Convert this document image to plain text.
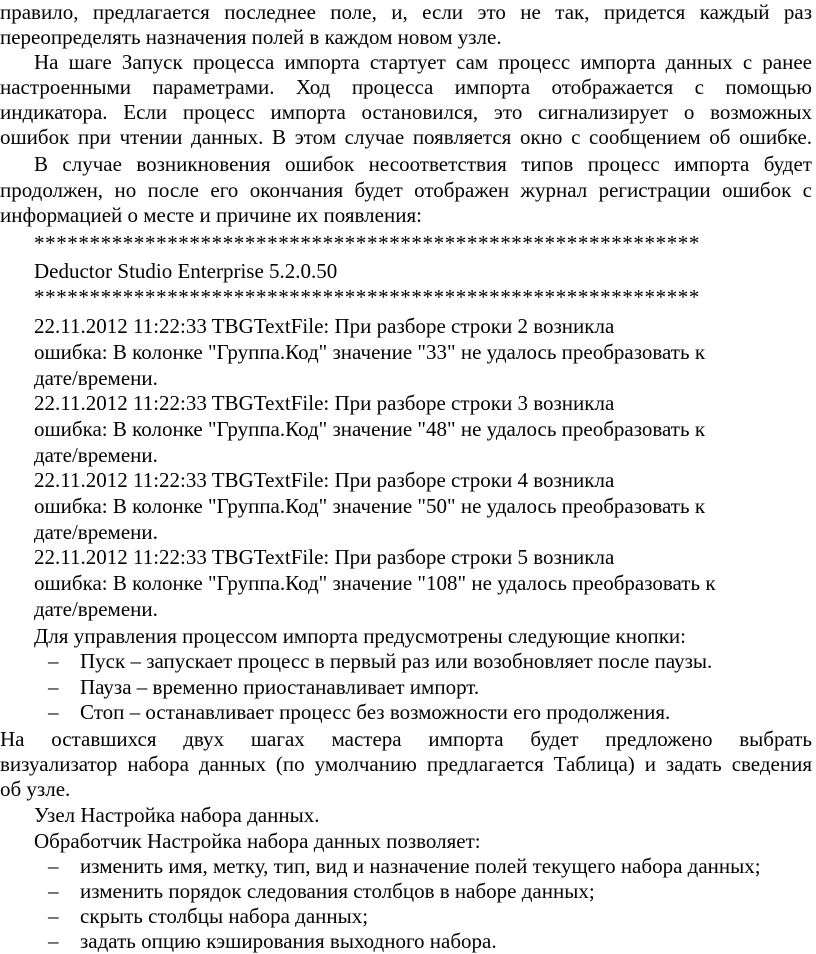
правило, предлагается последнее поле, и, если это не так, придется каждый раз
переопределять назначения полей в каждом новом узле.
На шаге Запуск процесса импорта стартует сам процесс импорта данных с ранее
настроенными параметрами. Ход процесса импорта отображается с помощью
индикатора. Если процесс импорта остановился, это сигнализирует о возможных
ошибок при чтении данных. В этом случае появляется окно с сообщением об ошибке.
В случае возникновения ошибок несоответствия типов процесс импорта будет
продолжен, но после его окончания будет отображен журнал регистрации ошибок с
информацией о месте и причине их появления:
************************************************************
Deductor Studio Enterprise 5.2.0.50
************************************************************
22.11.2012 11:22:33 TBGTextFile: При разборе строки 2 возникла
ошибка: В колонке "Группа.Код" значение "33" не удалось преобразовать к
дате/времени.
22.11.2012 11:22:33 TBGTextFile: При разборе строки 3 возникла
ошибка: В колонке "Группа.Код" значение "48" не удалось преобразовать к
дате/времени.
22.11.2012 11:22:33 TBGTextFile: При разборе строки 4 возникла
ошибка: В колонке "Группа.Код" значение "50" не удалось преобразовать к
дате/времени.
22.11.2012 11:22:33 TBGTextFile: При разборе строки 5 возникла
ошибка: В колонке "Группа.Код" значение "108" не удалось преобразовать к
дате/времени.
Для управления процессом импорта предусмотрены следующие кнопки:
– Пуск – запускает процесс в первый раз или возобновляет после паузы.
– Пауза – временно приостанавливает импорт.
– Стоп – останавливает процесс без возможности его продолжения.
На оставшихся двух шагах мастера импорта будет предложено выбрать
визуализатор набора данных (по умолчанию предлагается Таблица) и задать сведения
об узле.
Узел Настройка набора данных.
Обработчик Настройка набора данных позволяет:
– изменить имя, метку, тип, вид и назначение полей текущего набора данных;
– изменить порядок следования столбцов в наборе данных;
– скрыть столбцы набора данных;
– задать опцию кэширования выходного набора.
